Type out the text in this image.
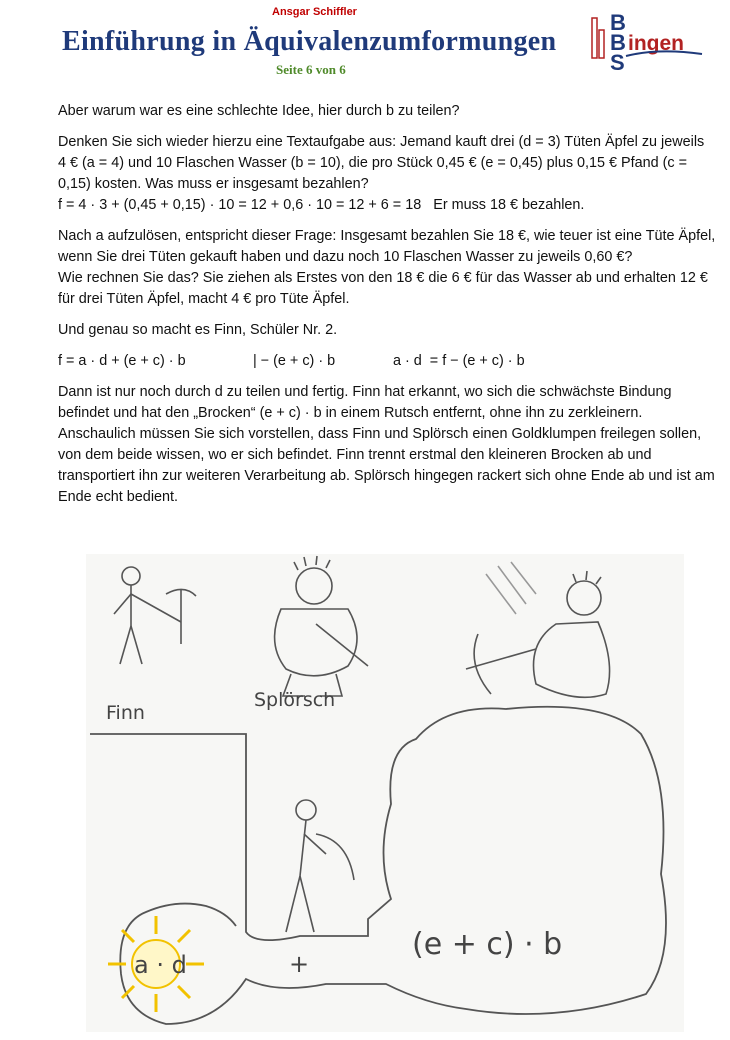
Ansgar Schiffler
Einführung in Äquivalenzumformungen
Seite 6 von 6
B
B
S
ingen

Aber warum war es eine schlechte Idee, hier durch b zu teilen?

Denken Sie sich wieder hierzu eine Textaufgabe aus: Jemand kauft drei (d = 3) Tüten Äpfel zu jeweils 4 € (a = 4) und 10 Flaschen Wasser (b = 10), die pro Stück 0,45 € (e = 0,45) plus 0,15 € Pfand (c = 0,15) kosten. Was muss er insgesamt bezahlen?
f = 4 · 3 + (0,45 + 0,15) · 10 = 12 + 0,6 · 10 = 12 + 6 = 18 Er muss 18 € bezahlen.

Nach a aufzulösen, entspricht dieser Frage: Insgesamt bezahlen Sie 18 €, wie teuer ist eine Tüte Äpfel, wenn Sie drei Tüten gekauft haben und dazu noch 10 Flaschen Wasser zu jeweils 0,60 €?
Wie rechnen Sie das? Sie ziehen als Erstes von den 18 € die 6 € für das Wasser ab und erhalten 12 € für drei Tüten Äpfel, macht 4 € pro Tüte Äpfel.

Und genau so macht es Finn, Schüler Nr. 2.

f = a · d + (e + c) · b	| − (e + c) · b	a · d  = f − (e + c) · b

Dann ist nur noch durch d zu teilen und fertig. Finn hat erkannt, wo sich die schwächste Bindung befindet und hat den „Brocken“ (e + c) · b in einem Rutsch entfernt, ohne ihn zu zerkleinern.
Anschaulich müssen Sie sich vorstellen, dass Finn und Splörsch einen Goldklumpen freilegen sollen, von dem beide wissen, wo er sich befindet. Finn trennt erstmal den kleineren Brocken ab und transportiert ihn zur weiteren Verarbeitung ab. Splörsch hingegen rackert sich ohne Ende ab und ist am Ende echt bedient.

Finn
Splörsch
a · d	+
(e + c) · b
